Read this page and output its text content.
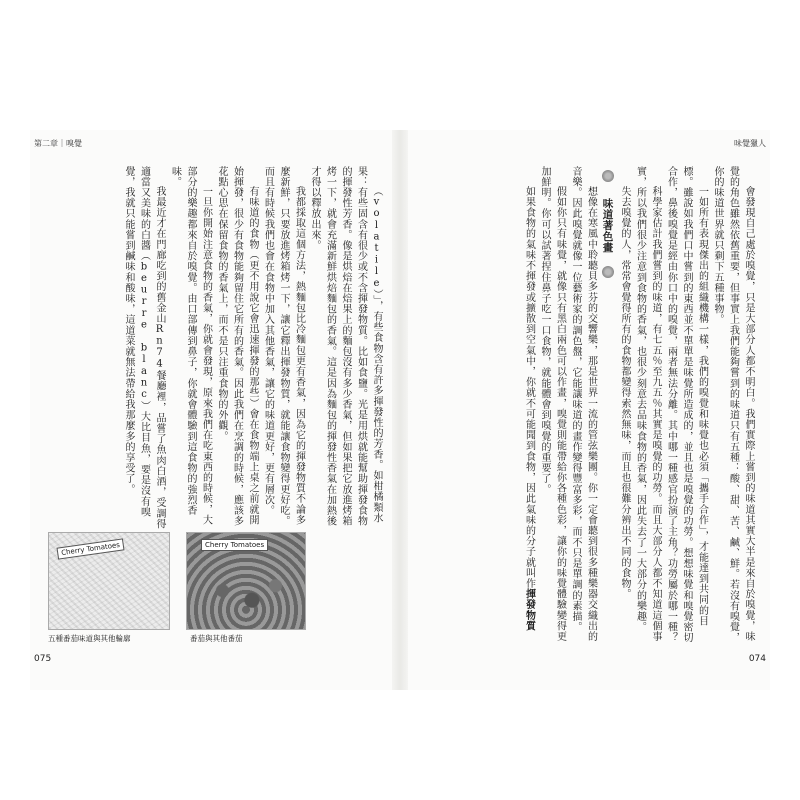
第二章｜嗅覺

（volatile）」，有些食物含有許多揮發性的芳香。如柑橘類水果：有些固含有很少或不含揮發物質。比如食鹽。光是用烘就能幫助揮發食物的揮發性芳香。像是烘焙在焙果上的麵包沒有多少香氣，但如果把它放進烤箱烤一下，就會充滿新鮮烘焙麵包的香氣。這是因為麵包的揮發性香氣在加熱後才得以釋放出來。

我都採取這個方法，熱麵包比冷麵包更有香氣，因為它的揮發物質不論多麼新鮮，只要放進烤箱烤一下，讓它釋出揮發物質，就能讓食物變得更好吃。而且有時候我們也會在食物中加入其他香氣，讓它的味道更好，更有層次。

有味道的食物（更不用說它會迅速揮發的那些）會在食物端上桌之前就開始揮發，很少有食物能夠留住它所有的香氣。因此我們在烹調的時候，應該多花點心思在保留食物的香氣上，而不是只注重食物的外觀。

一旦你開始注意食物的香氣，你就會發現，原來我們在吃東西的時候，大部分的樂趣都來自於嗅覺。由口部傳到鼻子，你就會體驗到這食物的強烈香味。

我最近才在門廊吃到的舊金山Rn74餐廳裡，品嘗了魚肉白酒，受調得適當又美味的白醬（beurre blanc）大比目魚，要是沒有嗅覺，我就只能嘗到鹹味和酸味，這道菜就無法帶給我那麼多的享受了。

Cherry Tomatoes
五種番茄味道與其他輪廓
Cherry Tomatoes
番茄與其他番茄
075
味覺獵人

會發現自己處於嗅覺，只是大部分人都不明白。我們實際上嘗到的味道其實大半是來自於嗅覺，味覺的角色雖然依舊重要，但事實上我們能夠嘗到的味道只有五種：酸、甜、苦、鹹、鮮。若沒有嗅覺，你的味道世界就只剩下五種事物。

一如所有表現傑出的組織機構一樣，我們的嗅覺和味覺也必須「攜手合作」，才能達到共同的目標。雖說如我們口中嘗到的東西並不單單是味覺所造成的，並且也是嗅覺的功勞。想想味覺和嗅覺密切合作，鼻後嗅覺是經由你口中的嗅覺，兩者無法分離。其中哪一種感官扮演了主角？功勞屬於哪一種？

科學家估計我們嘗到的味道，有七五％至九五％其實是嗅覺的功勞。而且大部分人都不知道這個事實，所以我們很少注意到食物的香氣，也很少刻意去品味食物的香氣，因此失去了一大部分的樂趣。

失去嗅覺的人，常常會覺得所有的食物都變得索然無味，而且也很難分辨出不同的食物。

味道著色畫

想像在寒風中聆聽貝多芬的交響樂，那是世界一流的管弦樂團。你一定會聽到很多種樂器交織出的音樂。因此嗅覺就像一位藝術家的調色盤，它能讓味道的畫作變得豐富多彩，而不只是單調的素描。

假如你只有味覺，就像只有黑白兩色可以作畫，嗅覺則能帶給你各種色彩，讓你的味覺體驗變得更加鮮明。你可以試著捏住鼻子吃一口食物，就能體會到嗅覺的重要了。

如果食物的氣味不揮發或擴散到空氣中，你就不可能聞到食物，因此氣味的分子就叫作揮發物質

074
